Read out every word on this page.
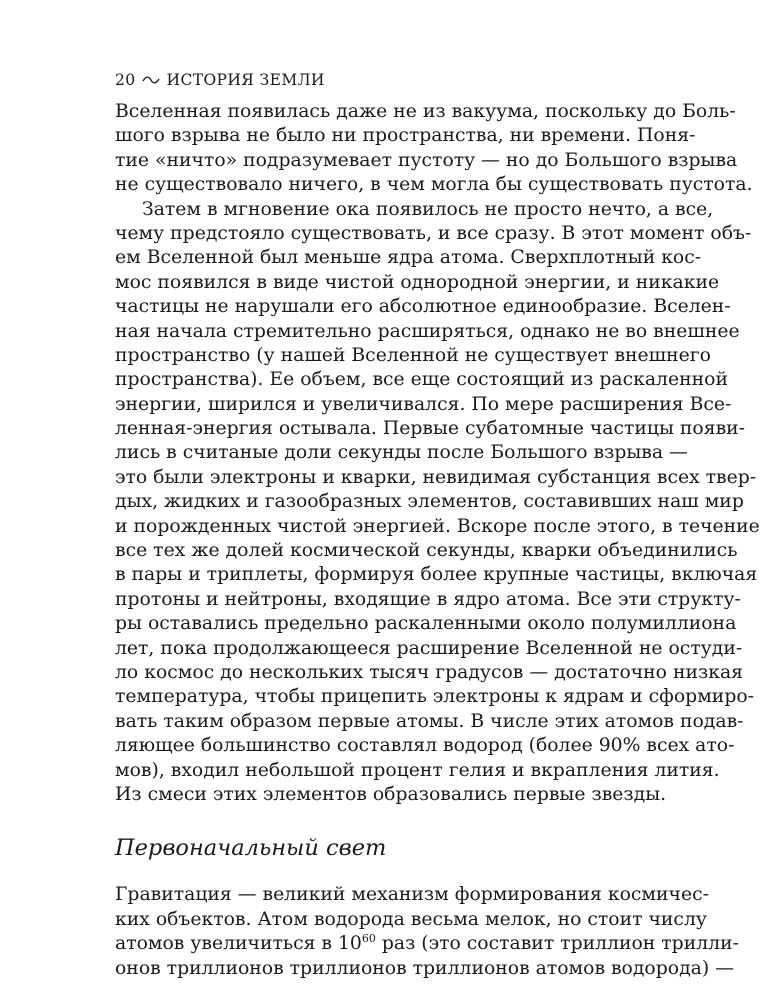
20 ИСТОРИЯ ЗЕМЛИ
Вселенная появилась даже не из вакуума, поскольку до Боль-
шого взрыва не было ни пространства, ни времени. Поня-
тие «ничто» подразумевает пустоту — но до Большого взрыва
не существовало ничего, в чем могла бы существовать пустота.
Затем в мгновение ока появилось не просто нечто, а все,
чему предстояло существовать, и все сразу. В этот момент объ-
ем Вселенной был меньше ядра атома. Сверхплотный кос-
мос появился в виде чистой однородной энергии, и никакие
частицы не нарушали его абсолютное единообразие. Вселен-
ная начала стремительно расширяться, однако не во внешнее
пространство (у нашей Вселенной не существует внешнего
пространства). Ее объем, все еще состоящий из раскаленной
энергии, ширился и увеличивался. По мере расширения Все-
ленная-энергия остывала. Первые субатомные частицы появи-
лись в считаные доли секунды после Большого взрыва —
это были электроны и кварки, невидимая субстанция всех твер-
дых, жидких и газообразных элементов, составивших наш мир
и порожденных чистой энергией. Вскоре после этого, в течение
все тех же долей космической секунды, кварки объединились
в пары и триплеты, формируя более крупные частицы, включая
протоны и нейтроны, входящие в ядро атома. Все эти структу-
ры оставались предельно раскаленными около полумиллиона
лет, пока продолжающееся расширение Вселенной не остуди-
ло космос до нескольких тысяч градусов — достаточно низкая
температура, чтобы прицепить электроны к ядрам и сформиро-
вать таким образом первые атомы. В числе этих атомов подав-
ляющее большинство составлял водород (более 90% всех ато-
мов), входил небольшой процент гелия и вкрапления лития.
Из смеси этих элементов образовались первые звезды.
Первоначальный свет
Гравитация — великий механизм формирования космичес-
ких объектов. Атом водорода весьма мелок, но стоит числу
атомов увеличиться в $10^{60}$ раз (это составит триллион трилли-
онов триллионов триллионов триллионов атомов водорода) —
